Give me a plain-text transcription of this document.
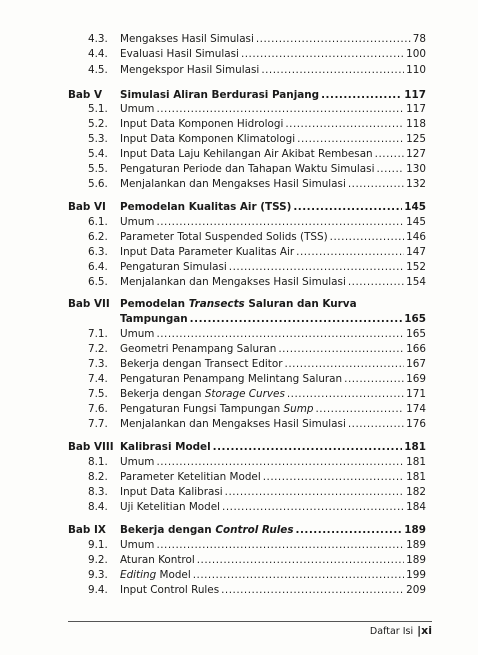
4.3.	Mengakses Hasil Simulasi .....	78
4.4.	Evaluasi Hasil Simulasi .....	100
4.5.	Mengekspor Hasil Simulasi .....	110
Bab V Simulasi Aliran Berdurasi Panjang .....	117
5.1.	Umum .....	117
5.2.	Input Data Komponen Hidrologi .....	118
5.3.	Input Data Komponen Klimatologi .....	125
5.4.	Input Data Laju Kehilangan Air Akibat Rembesan .....	127
5.5.	Pengaturan Periode dan Tahapan Waktu Simulasi .....	130
5.6.	Menjalankan dan Mengakses Hasil Simulasi .....	132
Bab VI Pemodelan Kualitas Air (TSS) .....	145
6.1.	Umum .....	145
6.2.	Parameter Total Suspended Solids (TSS) .....	146
6.3.	Input Data Parameter Kualitas Air .....	147
6.4.	Pengaturan Simulasi .....	152
6.5.	Menjalankan dan Mengakses Hasil Simulasi .....	154
Bab VII Pemodelan Transects Saluran dan Kurva
Tampungan .....	165
7.1.	Umum .....	165
7.2.	Geometri Penampang Saluran .....	166
7.3.	Bekerja dengan Transect Editor .....	167
7.4.	Pengaturan Penampang Melintang Saluran .....	169
7.5.	Bekerja dengan Storage Curves .....	171
7.6.	Pengaturan Fungsi Tampungan Sump .....	174
7.7.	Menjalankan dan Mengakses Hasil Simulasi .....	176
Bab VIII Kalibrasi Model .....	181
8.1.	Umum .....	181
8.2.	Parameter Ketelitian Model .....	181
8.3.	Input Data Kalibrasi .....	182
8.4.	Uji Ketelitian Model .....	184
Bab IX Bekerja dengan Control Rules .....	189
9.1.	Umum .....	189
9.2.	Aturan Kontrol .....	189
9.3.	Editing Model .....	199
9.4.	Input Control Rules .....	209
Daftar Isi |xi
